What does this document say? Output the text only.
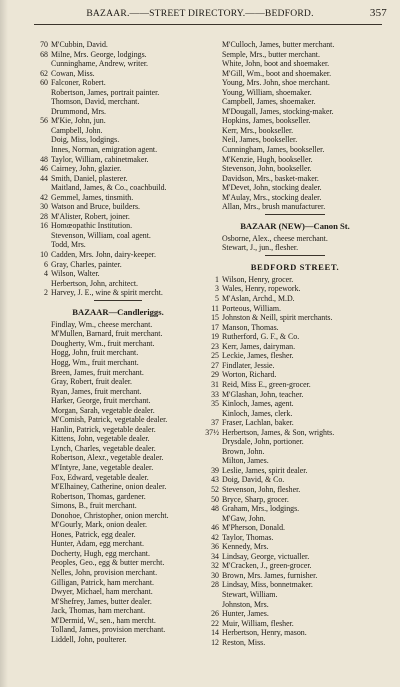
BAZAAR.——STREET DIRECTORY.——BEDFORD.	357
70 M'Cubbin, David.
68 Milne, Mrs. George, lodgings.
Cunninghame, Andrew, writer.
62 Cowan, Miss.
60 Falconer, Robert.
Robertson, James, portrait painter.
Thomson, David, merchant.
Drummond, Mrs.
56 M'Kie, John, jun.
Campbell, John.
Doig, Miss, lodgings.
Innes, Norman, emigration agent.
48 Taylor, William, cabinetmaker.
46 Cairney, John, glazier.
44 Smith, Daniel, plasterer.
Maitland, James, & Co., coachbuild.
42 Gemmel, James, tinsmith.
30 Watson and Bruce, builders.
28 M'Alister, Robert, joiner.
16 Homœopathic Institution.
Stevenson, William, coal agent.
Todd, Mrs.
10 Cadden, Mrs. John, dairy-keeper.
6 Gray, Charles, painter.
4 Wilson, Walter.
Herbertson, John, architect.
2 Harvey, J. E., wine & spirit mercht.
BAZAAR—Candleriggs.
Findlay, Wm., cheese merchant.
M'Mullen, Barnard, fruit merchant.
Dougherty, Wm., fruit merchant.
Hogg, John, fruit merchant.
Hogg, Wm., fruit merchant.
Breen, James, fruit merchant.
Gray, Robert, fruit dealer.
Ryan, James, fruit merchant.
Harker, George, fruit merchant.
Morgan, Sarah, vegetable dealer.
M'Comish, Patrick, vegetable dealer.
Hanlin, Patrick, vegetable dealer.
Kittens, John, vegetable dealer.
Lynch, Charles, vegetable dealer.
Robertson, Alexr., vegetable dealer.
M'Intyre, Jane, vegetable dealer.
Fox, Edward, vegetable dealer.
M'Elhainey, Catherine, onion dealer.
Robertson, Thomas, gardener.
Simons, B., fruit merchant.
Donohoe, Christopher, onion mercht.
M'Gourly, Mark, onion dealer.
Hones, Patrick, egg dealer.
Hunter, Adam, egg merchant.
Docherty, Hugh, egg merchant.
Peoples, Geo., egg & butter mercht.
Nelles, John, provision merchant.
Gilligan, Patrick, ham merchant.
Dwyer, Michael, ham merchant.
M'Shefrey, James, butter dealer.
Jack, Thomas, ham merchant.
M'Dermid, W., sen., ham mercht.
Tolland, James, provision merchant.
Liddell, John, poulterer.
M'Culloch, James, butter merchant.
Semple, Mrs., butter merchant.
White, John, boot and shoemaker.
M'Gill, Wm., boot and shoemaker.
Young, Mrs. John, shoe merchant.
Young, William, shoemaker.
Campbell, James, shoemaker.
M'Dougall, James, stocking-maker.
Hopkins, James, bookseller.
Kerr, Mrs., bookseller.
Neil, James, bookseller.
Cunningham, James, bookseller.
M'Kenzie, Hugh, bookseller.
Stevenson, John, bookseller.
Davidson, Mrs., basket-maker.
M'Devet, John, stocking dealer.
M'Aulay, Mrs., stocking dealer.
Allan, Mrs., brush manufacturer.
BAZAAR (NEW)—Canon St.
Osborne, Alex., cheese merchant.
Stewart, J., jun., flesher.
BEDFORD STREET.
1 Wilson, Henry, grocer.
3 Wales, Henry, ropework.
5 M'Aslan, Archd., M.D.
11 Porteous, William.
15 Johnston & Neill, spirit merchants.
17 Manson, Thomas.
19 Rutherford, G. F., & Co.
23 Kerr, James, dairyman.
25 Leckie, James, flesher.
27 Findlater, Jessie.
29 Worton, Richard.
31 Reid, Miss E., green-grocer.
33 M'Glashan, John, teacher.
35 Kinloch, James, agent.
Kinloch, James, clerk.
37 Fraser, Lachlan, baker.
37½ Herbertson, James, & Son, wrights.
Drysdale, John, portioner.
Brown, John.
Milton, James.
39 Leslie, James, spirit dealer.
43 Doig, David, & Co.
52 Stevenson, John, flesher.
50 Bryce, Sharp, grocer.
48 Graham, Mrs., lodgings.
M'Gaw, John.
46 M'Pherson, Donald.
42 Taylor, Thomas.
36 Kennedy, Mrs.
34 Lindsay, George, victualler.
32 M'Cracken, J., green-grocer.
30 Brown, Mrs. James, furnisher.
28 Lindsay, Miss, bonnetmaker.
Stewart, William.
Johnston, Mrs.
26 Hunter, James.
22 Muir, William, flesher.
14 Herbertson, Henry, mason.
12 Reston, Miss.
